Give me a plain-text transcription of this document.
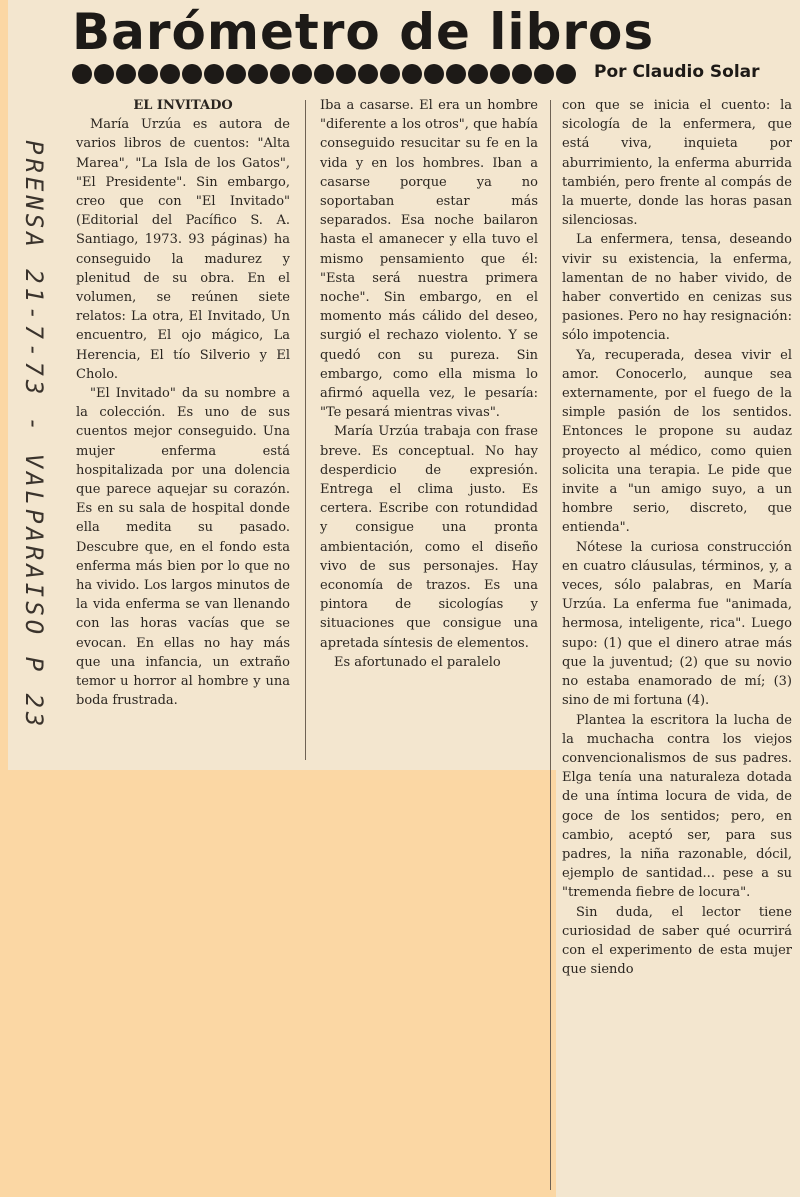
Barómetro de libros
Por Claudio Solar
PRENSA 21-7-73 - VALPARAISO P 23

EL INVITADO

María Urzúa es autora de varios libros de cuentos: "Alta Marea", "La Isla de los Gatos", "El Presidente". Sin embargo, creo que con "El Invitado" (Editorial del Pacífico S. A. Santiago, 1973. 93 páginas) ha conseguido la madurez y plenitud de su obra. En el volumen, se reúnen siete relatos: La otra, El Invitado, Un encuentro, El ojo mágico, La Herencia, El tío Silverio y El Cholo.

"El Invitado" da su nombre a la colección. Es uno de sus cuentos mejor conseguido. Una mujer enferma está hospitalizada por una dolencia que parece aquejar su corazón. Es en su sala de hospital donde ella medita su pasado. Descubre que, en el fondo esta enferma más bien por lo que no ha vivido. Los largos minutos de la vida enferma se van llenando con las horas vacías que se evocan. En ellas no hay más que una infancia, un extraño temor u horror al hombre y una boda frustrada.

Iba a casarse. El era un hombre "diferente a los otros", que había conseguido resucitar su fe en la vida y en los hombres. Iban a casarse porque ya no soportaban estar más separados. Esa noche bailaron hasta el amanecer y ella tuvo el mismo pensamiento que él: "Esta será nuestra primera noche". Sin embargo, en el momento más cálido del deseo, surgió el rechazo violento. Y se quedó con su pureza. Sin embargo, como ella misma lo afirmó aquella vez, le pesaría: "Te pesará mientras vivas".

María Urzúa trabaja con frase breve. Es conceptual. No hay desperdicio de expresión. Entrega el clima justo. Es certera. Escribe con rotundidad y consigue una pronta ambientación, como el diseño vivo de sus personajes. Hay economía de trazos. Es una pintora de sicologías y situaciones que consigue una apretada síntesis de elementos.

Es afortunado el paralelo

con que se inicia el cuento: la sicología de la enfermera, que está viva, inquieta por aburrimiento, la enferma aburrida también, pero frente al compás de la muerte, donde las horas pasan silenciosas.

La enfermera, tensa, deseando vivir su existencia, la enferma, lamentan de no haber vivido, de haber convertido en cenizas sus pasiones. Pero no hay resignación: sólo impotencia.

Ya, recuperada, desea vivir el amor. Conocerlo, aunque sea externamente, por el fuego de la simple pasión de los sentidos. Entonces le propone su audaz proyecto al médico, como quien solicita una terapia. Le pide que invite a "un amigo suyo, a un hombre serio, discreto, que entienda".

Nótese la curiosa construcción en cuatro cláusulas, términos, y, a veces, sólo palabras, en María Urzúa. La enferma fue "animada, hermosa, inteligente, rica". Luego supo: (1) que el dinero atrae más que la juventud; (2) que su novio no estaba enamorado de mí; (3) sino de mi fortuna (4).

Plantea la escritora la lucha de la muchacha contra los viejos convencionalismos de sus padres. Elga tenía una naturaleza dotada de una íntima locura de vida, de goce de los sentidos; pero, en cambio, aceptó ser, para sus padres, la niña razonable, dócil, ejemplo de santidad... pese a su "tremenda fiebre de locura".

Sin duda, el lector tiene curiosidad de saber qué ocurrirá con el experimento de esta mujer que siendo
